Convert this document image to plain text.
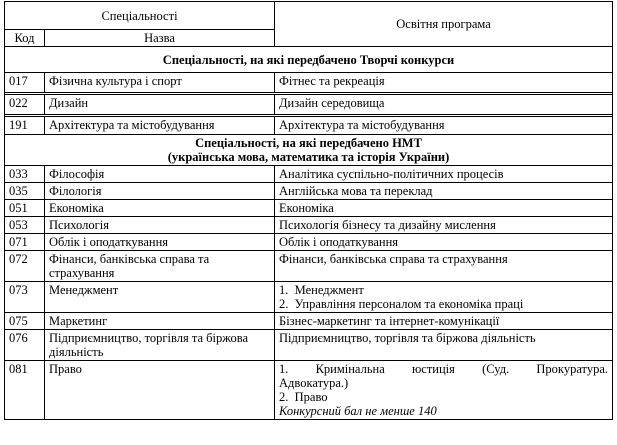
Спеціальності		Освітня програма
Код	Назва	

Спеціальності, на які передбачено Творчі конкурси		

017	Фізична культура і спорт	Фітнес та рекреація

022	Дизайн	Дизайн середовища

191	Архітектура та містобудування	Архітектура та містобудування

Спеціальності, на які передбачено НМТ
(українська мова, математика та історія України)		

033	Філософія	Аналітика суспільно-політичних процесів
035	Філологія	Англійська мова та переклад
051	Економіка	Економіка
053	Психологія	Психологія бізнесу та дизайну мислення
071	Облік і оподаткування	Облік і оподаткування
072	Фінанси, банківська справа та страхування	Фінанси, банківська справа та страхування
073	Менеджмент	1.  Менеджмент
2.  Управління персоналом та економіка праці

075	Маркетинг	Бізнес-маркетинг та інтернет-комунікації
076	Підприємництво, торгівля та біржова діяльність	Підприємництво, торгівля та біржова діяльність
081	Право	1. Кримінальна юстиція (Суд. Прокуратура.
Адвокатура.)
2.  Право
Конкурсний бал не менше 140
